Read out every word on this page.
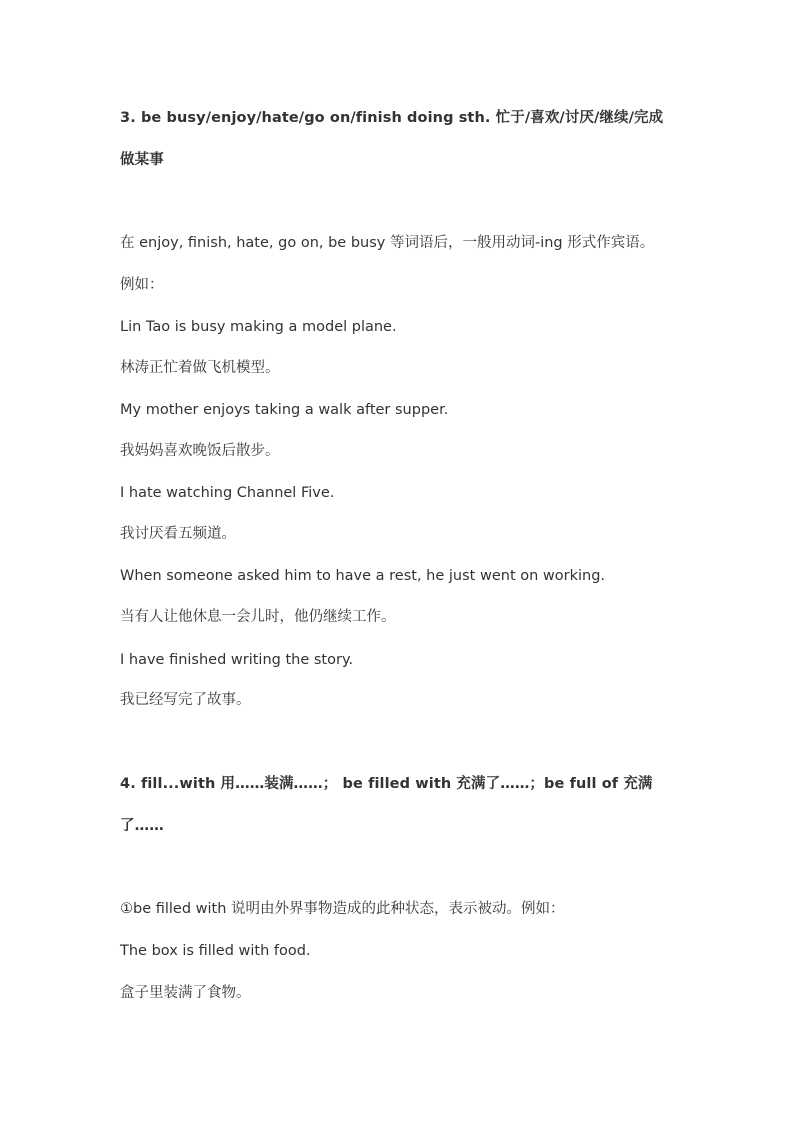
3. be busy/enjoy/hate/go on/finish doing sth. 忙于/喜欢/讨厌/继续/完成
做某事
在 enjoy, finish, hate, go on, be busy 等词语后，一般用动词-ing 形式作宾语。
例如：
Lin Tao is busy making a model plane.
林涛正忙着做飞机模型。
My mother enjoys taking a walk after supper.
我妈妈喜欢晚饭后散步。
I hate watching Channel Five.
我讨厌看五频道。
When someone asked him to have a rest, he just went on working.
当有人让他休息一会儿时，他仍继续工作。
I have finished writing the story.
我已经写完了故事。
4. fill...with 用……装满……； be filled with 充满了……；be full of 充满
了……
①be filled with 说明由外界事物造成的此种状态，表示被动。例如：
The box is filled with food.
盒子里装满了食物。
